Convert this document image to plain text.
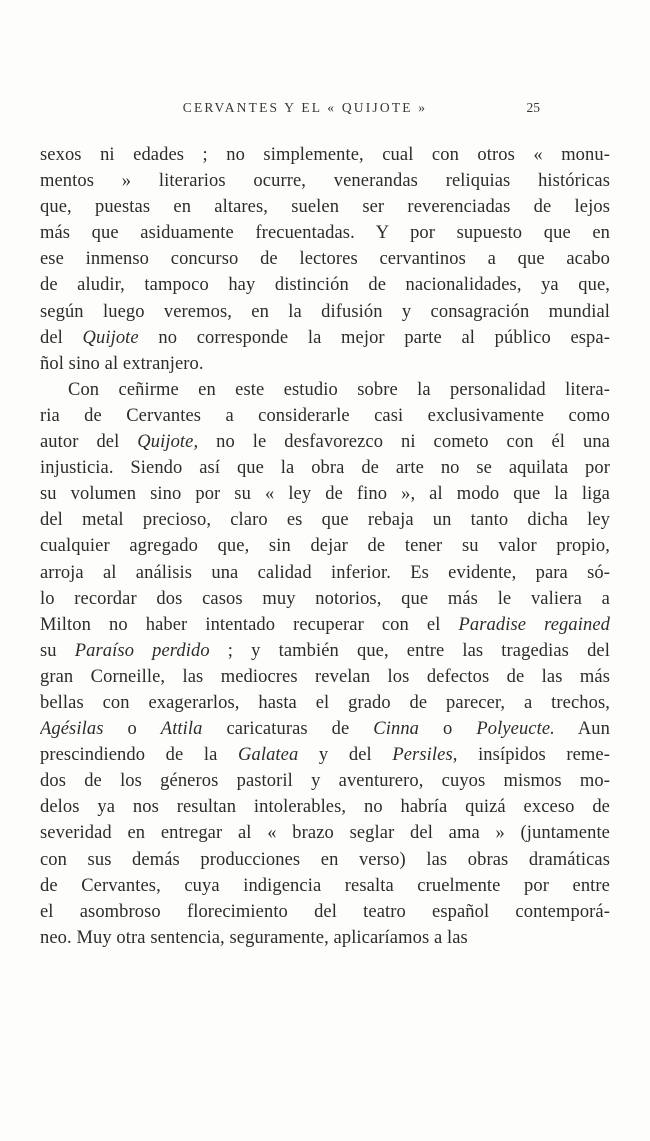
CERVANTES Y EL « QUIJOTE »	25
sexos ni edades ; no simplemente, cual con otros « monu-
mentos » literarios ocurre, venerandas reliquias históricas
que, puestas en altares, suelen ser reverenciadas de lejos
más que asiduamente frecuentadas. Y por supuesto que en
ese inmenso concurso de lectores cervantinos a que acabo
de aludir, tampoco hay distinción de nacionalidades, ya que,
según luego veremos, en la difusión y consagración mundial
del Quijote no corresponde la mejor parte al público espa-
ñol sino al extranjero.
Con ceñirme en este estudio sobre la personalidad litera-
ria de Cervantes a considerarle casi exclusivamente como
autor del Quijote, no le desfavorezco ni cometo con él una
injusticia. Siendo así que la obra de arte no se aquilata por
su volumen sino por su « ley de fino », al modo que la liga
del metal precioso, claro es que rebaja un tanto dicha ley
cualquier agregado que, sin dejar de tener su valor propio,
arroja al análisis una calidad inferior. Es evidente, para só-
lo recordar dos casos muy notorios, que más le valiera a
Milton no haber intentado recuperar con el Paradise regained
su Paraíso perdido ; y también que, entre las tragedias del
gran Corneille, las mediocres revelan los defectos de las más
bellas con exagerarlos, hasta el grado de parecer, a trechos,
Agésilas o Attila caricaturas de Cinna o Polyeucte. Aun
prescindiendo de la Galatea y del Persiles, insípidos reme-
dos de los géneros pastoril y aventurero, cuyos mismos mo-
delos ya nos resultan intolerables, no habría quizá exceso de
severidad en entregar al « brazo seglar del ama » (juntamente
con sus demás producciones en verso) las obras dramáticas
de Cervantes, cuya indigencia resalta cruelmente por entre
el asombroso florecimiento del teatro español contemporá-
neo. Muy otra sentencia, seguramente, aplicaríamos a las
